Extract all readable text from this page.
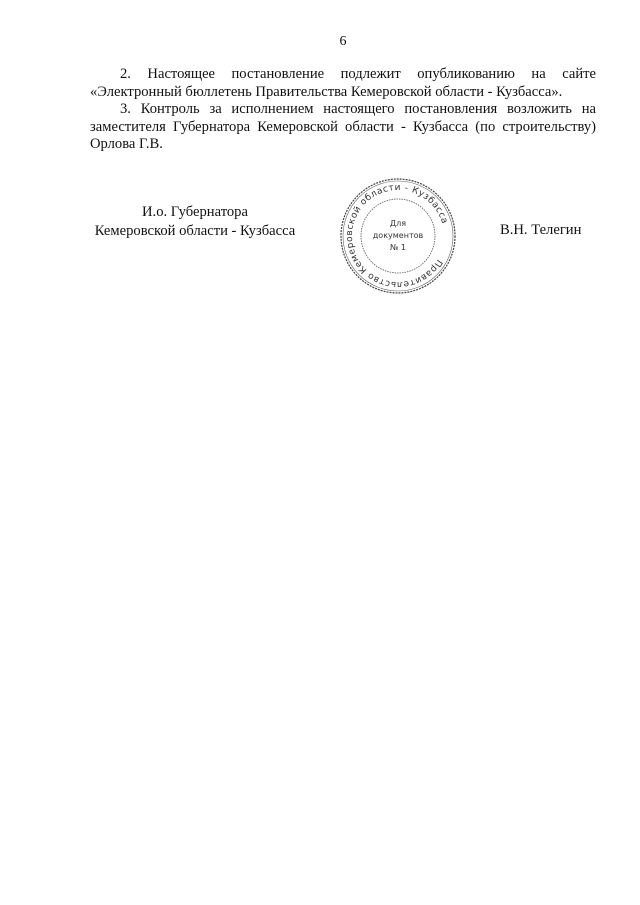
6

2. Настоящее постановление подлежит опубликованию на сайте «Электронный бюллетень Правительства Кемеровской области - Кузбасса».

3. Контроль за исполнением настоящего постановления возложить на заместителя Губернатора Кемеровской области - Кузбасса (по строительству) Орлова Г.В.

И.о. Губернатора
Кемеровской области - Кузбасса
Правительство Кемеровской области - Кузбасса
Для
документов
№ 1
В.Н. Телегин
